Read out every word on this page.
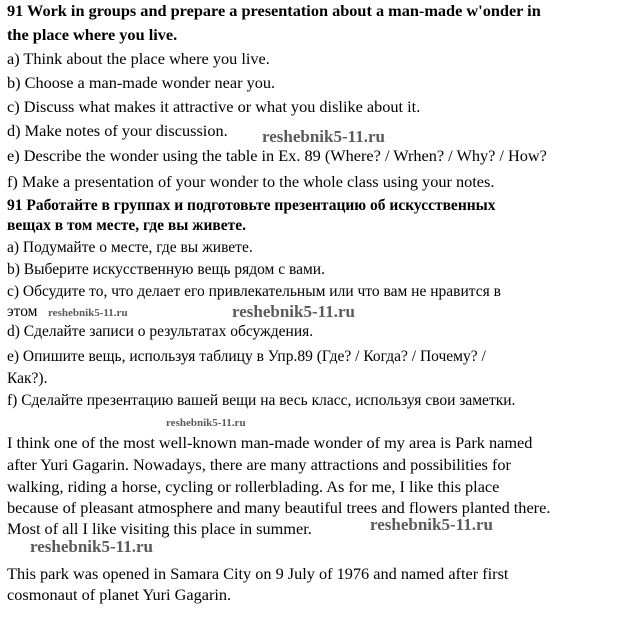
91 Work in groups and prepare a presentation about a man-made w'onder in
the place where you live.
a) Think about the place where you live.
b) Choose a man-made wonder near you.
c) Discuss what makes it attractive or what you dislike about it.
d) Make notes of your discussion.
e) Describe the wonder using the table in Ex. 89 (Where? / Wrhen? / Why? / How?
f) Make a presentation of your wonder to the whole class using your notes.
91 Работайте в группах и подготовьте презентацию об искусственных
вещах в том месте, где вы живете.
a) Подумайте о месте, где вы живете.
b) Выберите искусственную вещь рядом с вами.
c) Обсудите то, что делает его привлекательным или что вам не нравится в
этом
d) Сделайте записи о результатах обсуждения.
e) Опишите вещь, используя таблицу в Упр.89 (Где? / Когда? / Почему? /
Как?).
f) Сделайте презентацию вашей вещи на весь класс, используя свои заметки.
I think one of the most well-known man-made wonder of my area is Park named
after Yuri Gagarin. Nowadays, there are many attractions and possibilities for
walking, riding a horse, cycling or rollerblading. As for me, I like this place
because of pleasant atmosphere and many beautiful trees and flowers planted there.
Most of all I like visiting this place in summer.
This park was opened in Samara City on 9 July of 1976 and named after first
cosmonaut of planet Yuri Gagarin.
reshebnik5-11.ru
reshebnik5-11.ru	reshebnik5-11.ru
reshebnik5-11.ru
reshebnik5-11.ru
reshebnik5-11.ru
